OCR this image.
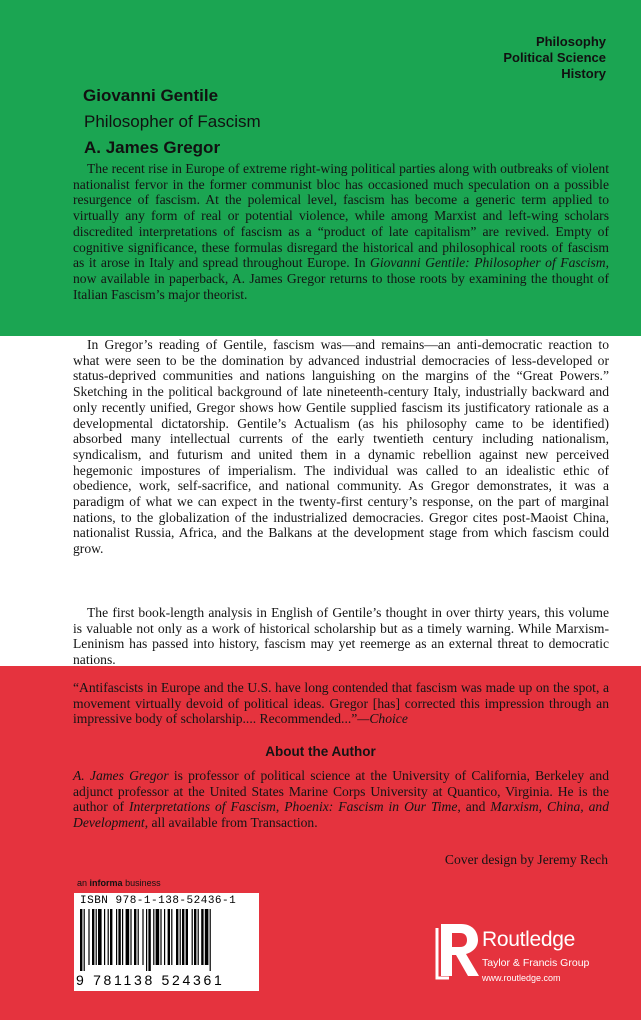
Philosophy
Political Science
History
Giovanni Gentile
Philosopher of Fascism
A. James Gregor

The recent rise in Europe of extreme right-wing political parties along with outbreaks of violent nationalist fervor in the former communist bloc has occasioned much speculation on a possible resurgence of fascism. At the polemical level, fascism has become a generic term applied to virtually any form of real or potential violence, while among Marxist and left-wing scholars discredited interpretations of fascism as a “product of late capitalism” are revived. Empty of cognitive significance, these formulas disregard the historical and philosophical roots of fascism as it arose in Italy and spread throughout Europe. In Giovanni Gentile: Philosopher of Fascism, now available in paperback, A. James Gregor returns to those roots by examining the thought of Italian Fascism’s major theorist.

In Gregor’s reading of Gentile, fascism was—and remains—an anti-democratic reaction to what were seen to be the domination by advanced industrial democracies of less-developed or status-deprived communities and nations languishing on the margins of the “Great Powers.” Sketching in the political background of late nineteenth-century Italy, industrially backward and only recently unified, Gregor shows how Gentile supplied fascism its justificatory rationale as a developmental dictatorship. Gentile’s Actualism (as his philosophy came to be identified) absorbed many intellectual currents of the early twentieth century including nationalism, syndicalism, and futurism and united them in a dynamic rebellion against new perceived hegemonic impostures of imperialism. The individual was called to an idealistic ethic of obedience, work, self-sacrifice, and national community. As Gregor demonstrates, it was a paradigm of what we can expect in the twenty-first century’s response, on the part of marginal nations, to the globalization of the industrialized democracies. Gregor cites post-Maoist China, nationalist Russia, Africa, and the Balkans at the development stage from which fascism could grow.

The first book-length analysis in English of Gentile’s thought in over thirty years, this volume is valuable not only as a work of historical scholarship but as a timely warning. While Marxism-Leninism has passed into history, fascism may yet reemerge as an external threat to democratic nations.

“Antifascists in Europe and the U.S. have long contended that fascism was made up on the spot, a movement virtually devoid of political ideas. Gregor [has] corrected this impression through an impressive body of scholarship.... Recommended...”—Choice

About the Author

A. James Gregor is professor of political science at the University of California, Berkeley and adjunct professor at the United States Marine Corps University at Quantico, Virginia. He is the author of Interpretations of Fascism, Phoenix: Fascism in Our Time, and Marxism, China, and Development, all available from Transaction.

Cover design by Jeremy Rech
an informa business
ISBN 978-1-138-52436-1
9 781138 524361
Routledge
Taylor & Francis Group
www.routledge.com
